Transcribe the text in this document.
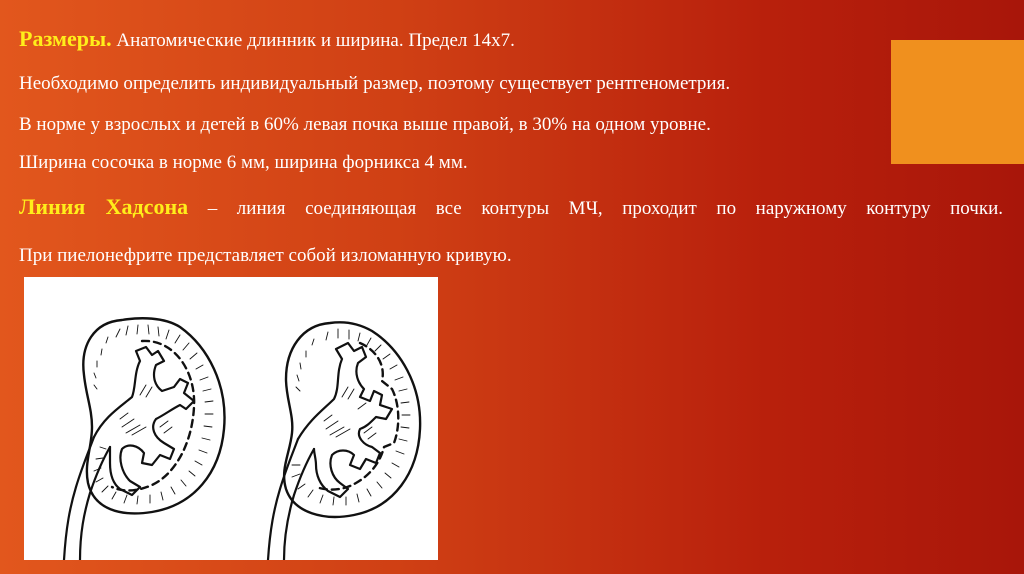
Размеры. Анатомические длинник и ширина. Предел 14х7.
Необходимо определить индивидуальный размер, поэтому существует рентгенометрия.
В норме у взрослых и детей в 60% левая почка выше правой, в 30% на одном уровне.
Ширина сосочка в норме 6 мм, ширина форникса 4 мм.
Линия Хадсона – линия соединяющая все контуры МЧ, проходит по наружному контуру почки.
При пиелонефрите представляет собой изломанную кривую.
